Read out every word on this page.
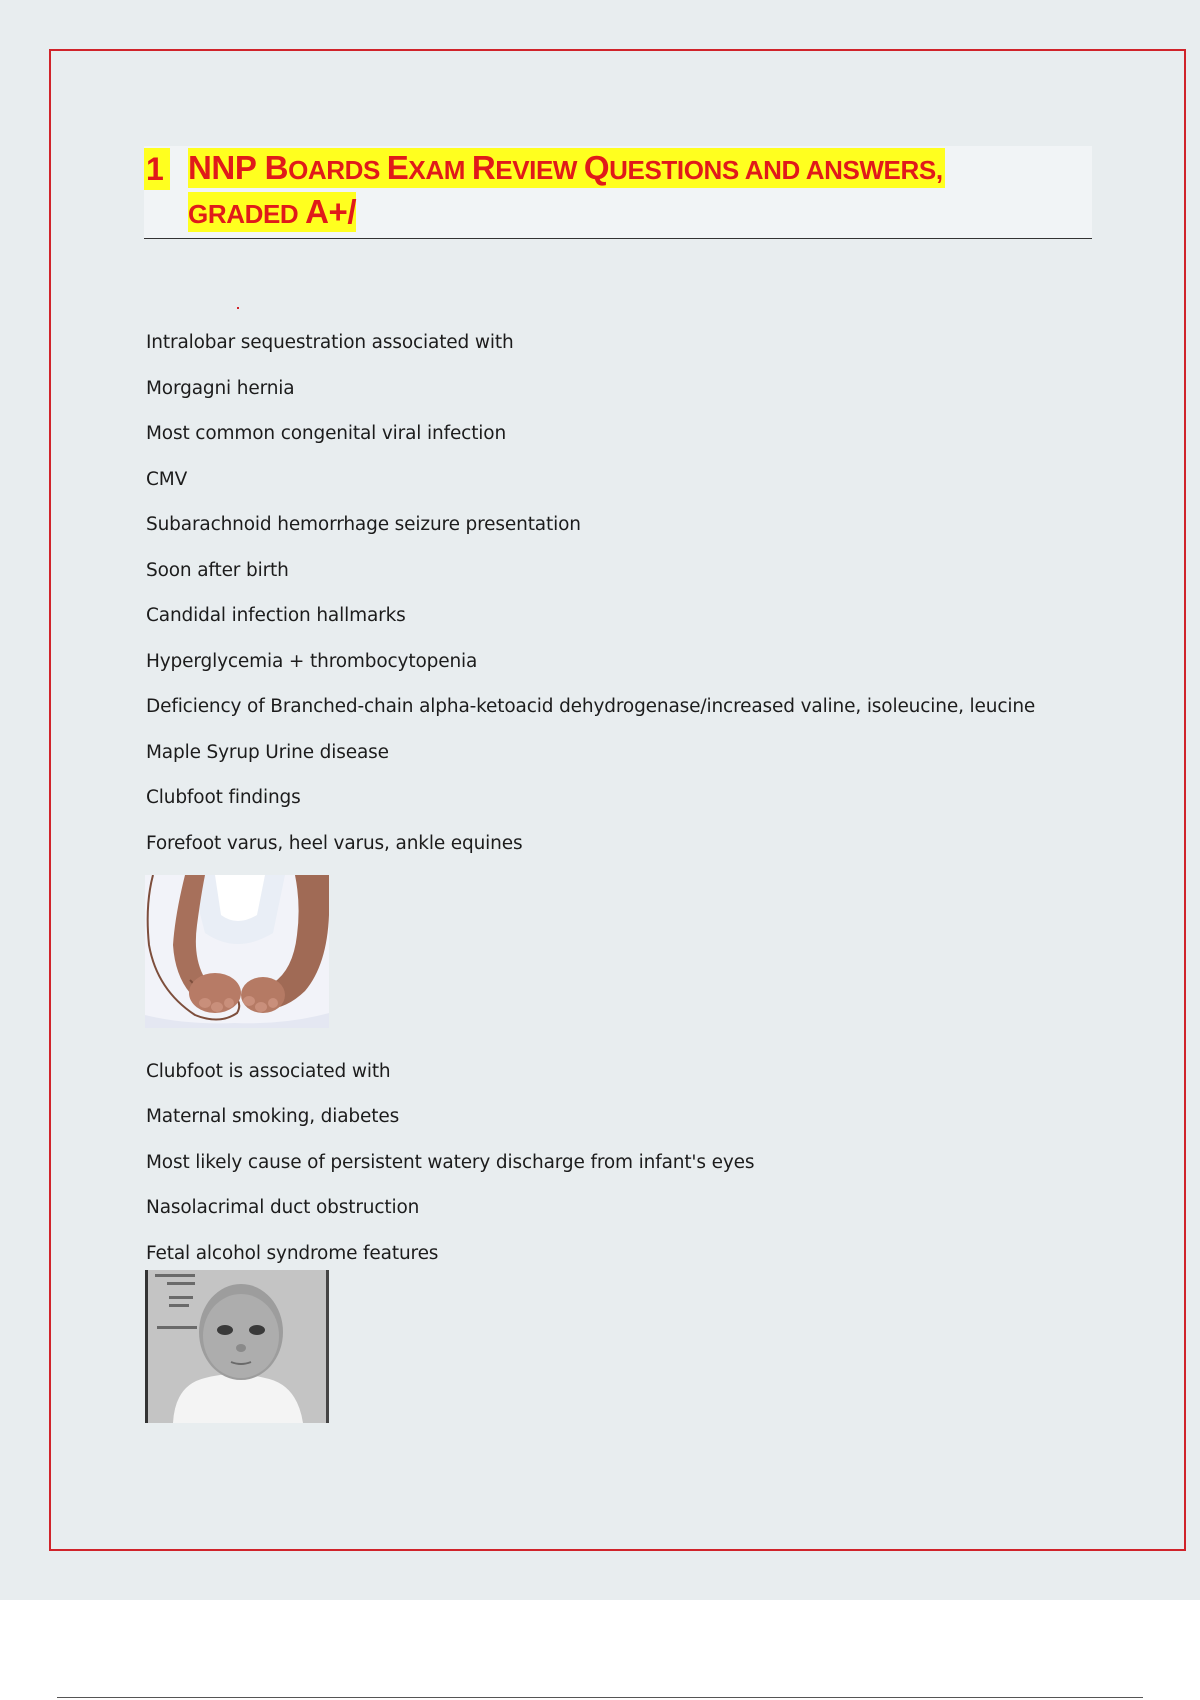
1 NNP BOARDS EXAM REVIEW QUESTIONS AND ANSWERS,
GRADED A+/
Intralobar sequestration associated with
Morgagni hernia
Most common congenital viral infection
CMV
Subarachnoid hemorrhage seizure presentation
Soon after birth
Candidal infection hallmarks
Hyperglycemia + thrombocytopenia
Deficiency of Branched-chain alpha-ketoacid dehydrogenase/increased valine, isoleucine, leucine
Maple Syrup Urine disease
Clubfoot findings
Forefoot varus, heel varus, ankle equines
Clubfoot is associated with
Maternal smoking, diabetes
Most likely cause of persistent watery discharge from infant's eyes
Nasolacrimal duct obstruction
Fetal alcohol syndrome features
